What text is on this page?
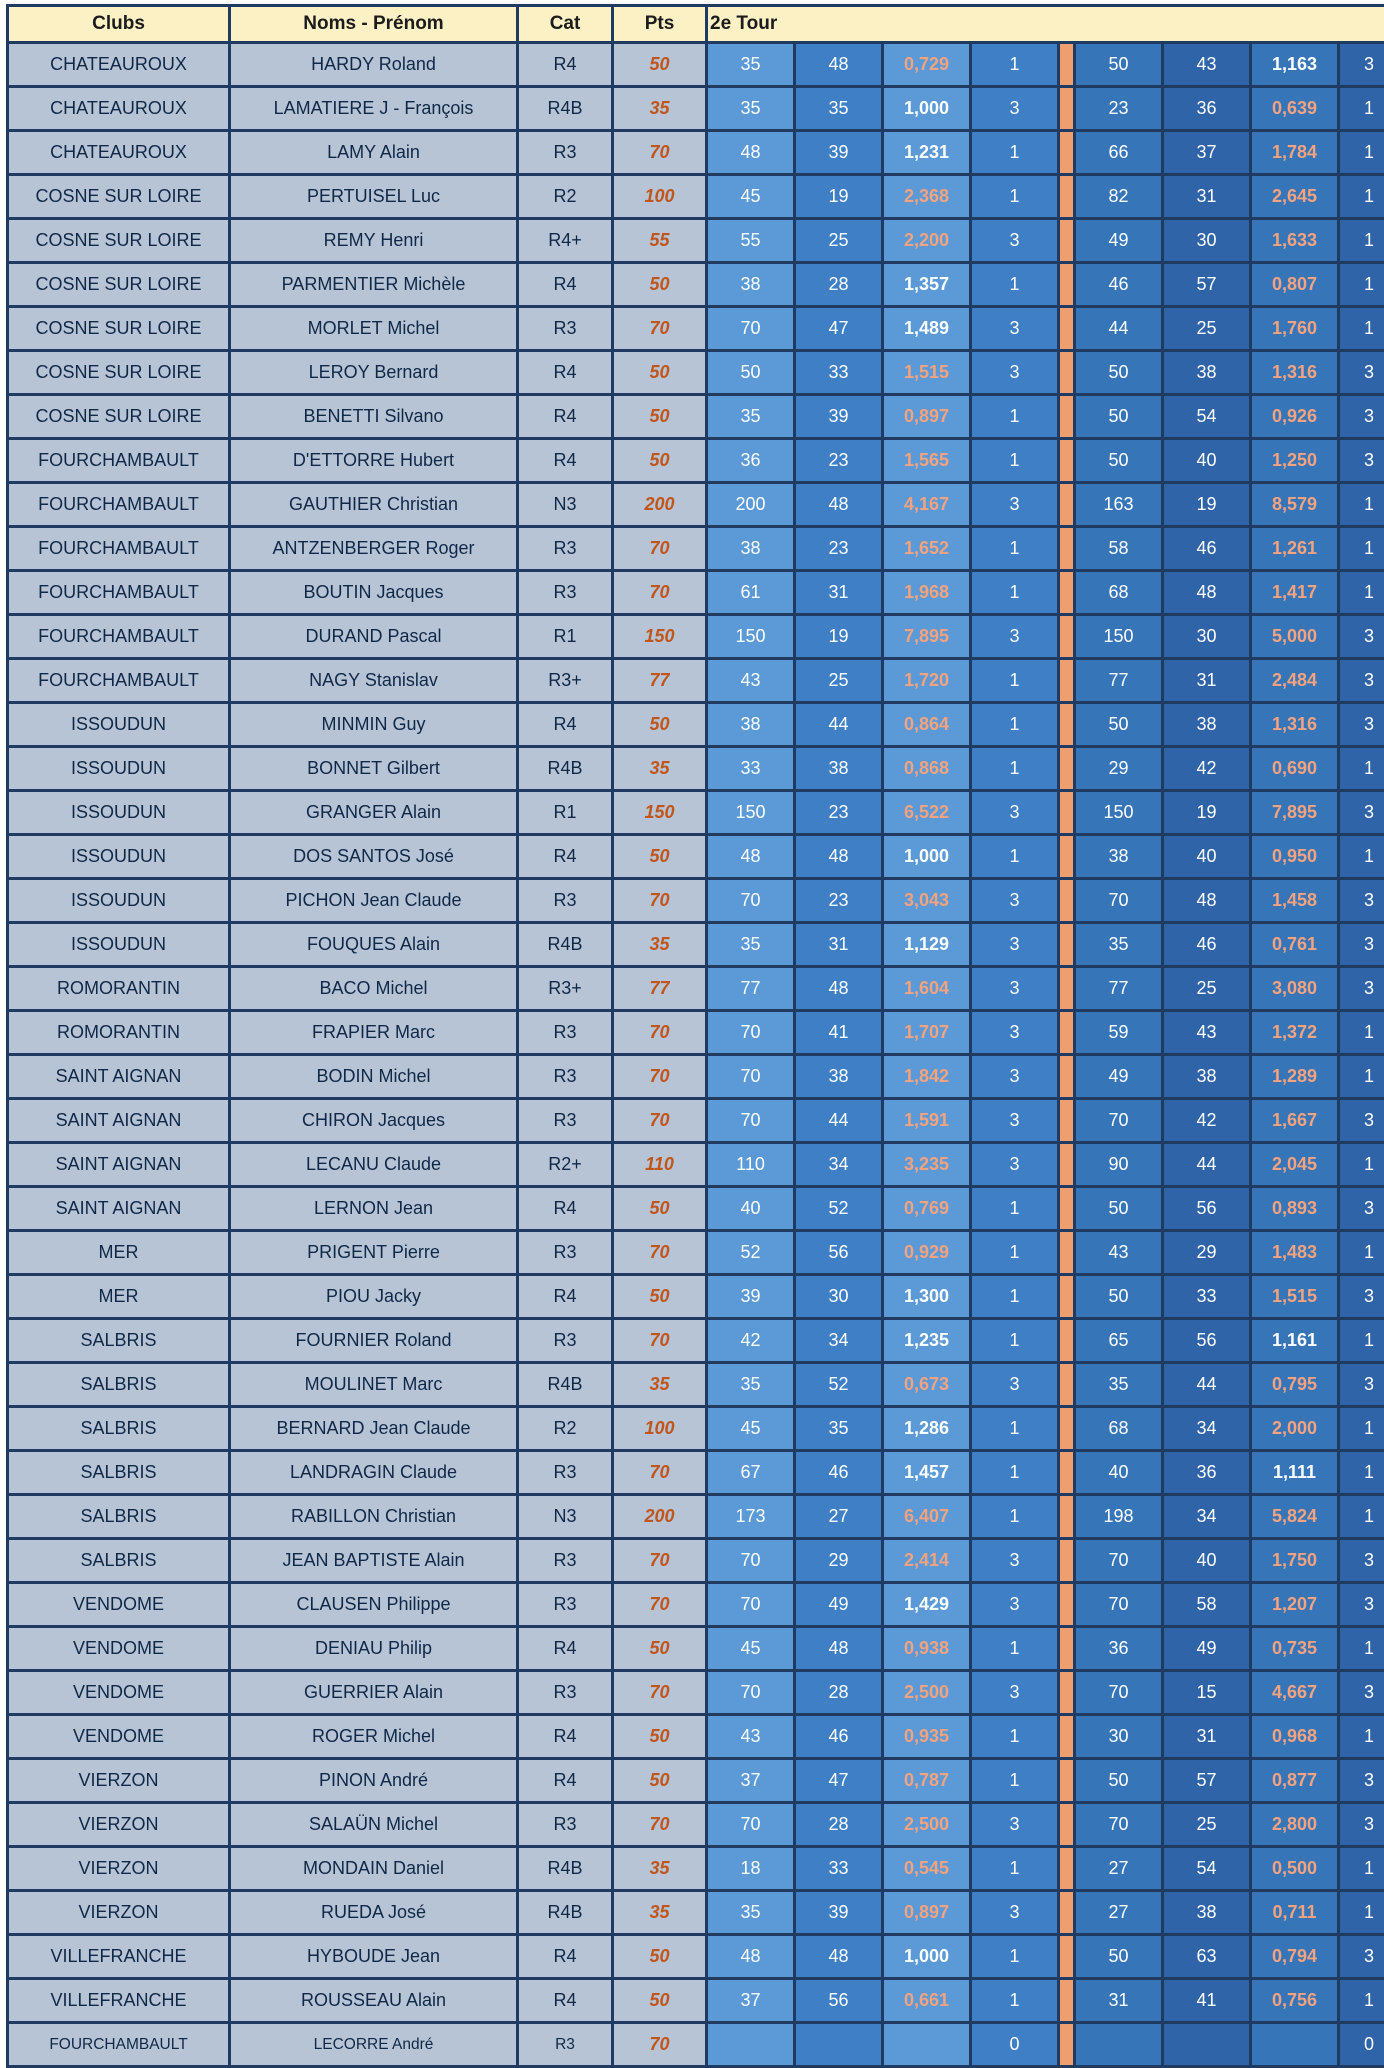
Clubs	Noms - Prénom	Cat	Pts	2e Tour								
CHATEAUROUX	HARDY Roland	R4	50	35	48	0,729	1		50	43	1,163	3
CHATEAUROUX	LAMATIERE J - François	R4B	35	35	35	1,000	3		23	36	0,639	1
CHATEAUROUX	LAMY Alain	R3	70	48	39	1,231	1		66	37	1,784	1
COSNE SUR LOIRE	PERTUISEL Luc	R2	100	45	19	2,368	1		82	31	2,645	1
COSNE SUR LOIRE	REMY Henri	R4+	55	55	25	2,200	3		49	30	1,633	1
COSNE SUR LOIRE	PARMENTIER Michèle	R4	50	38	28	1,357	1		46	57	0,807	1
COSNE SUR LOIRE	MORLET Michel	R3	70	70	47	1,489	3		44	25	1,760	1
COSNE SUR LOIRE	LEROY Bernard	R4	50	50	33	1,515	3		50	38	1,316	3
COSNE SUR LOIRE	BENETTI Silvano	R4	50	35	39	0,897	1		50	54	0,926	3
FOURCHAMBAULT	D'ETTORRE Hubert	R4	50	36	23	1,565	1		50	40	1,250	3
FOURCHAMBAULT	GAUTHIER Christian	N3	200	200	48	4,167	3		163	19	8,579	1
FOURCHAMBAULT	ANTZENBERGER Roger	R3	70	38	23	1,652	1		58	46	1,261	1
FOURCHAMBAULT	BOUTIN Jacques	R3	70	61	31	1,968	1		68	48	1,417	1
FOURCHAMBAULT	DURAND Pascal	R1	150	150	19	7,895	3		150	30	5,000	3
FOURCHAMBAULT	NAGY Stanislav	R3+	77	43	25	1,720	1		77	31	2,484	3
ISSOUDUN	MINMIN Guy	R4	50	38	44	0,864	1		50	38	1,316	3
ISSOUDUN	BONNET Gilbert	R4B	35	33	38	0,868	1		29	42	0,690	1
ISSOUDUN	GRANGER Alain	R1	150	150	23	6,522	3		150	19	7,895	3
ISSOUDUN	DOS SANTOS José	R4	50	48	48	1,000	1		38	40	0,950	1
ISSOUDUN	PICHON Jean Claude	R3	70	70	23	3,043	3		70	48	1,458	3
ISSOUDUN	FOUQUES Alain	R4B	35	35	31	1,129	3		35	46	0,761	3
ROMORANTIN	BACO Michel	R3+	77	77	48	1,604	3		77	25	3,080	3
ROMORANTIN	FRAPIER Marc	R3	70	70	41	1,707	3		59	43	1,372	1
SAINT AIGNAN	BODIN Michel	R3	70	70	38	1,842	3		49	38	1,289	1
SAINT AIGNAN	CHIRON Jacques	R3	70	70	44	1,591	3		70	42	1,667	3
SAINT AIGNAN	LECANU Claude	R2+	110	110	34	3,235	3		90	44	2,045	1
SAINT AIGNAN	LERNON Jean	R4	50	40	52	0,769	1		50	56	0,893	3
MER	PRIGENT Pierre	R3	70	52	56	0,929	1		43	29	1,483	1
MER	PIOU Jacky	R4	50	39	30	1,300	1		50	33	1,515	3
SALBRIS	FOURNIER Roland	R3	70	42	34	1,235	1		65	56	1,161	1
SALBRIS	MOULINET Marc	R4B	35	35	52	0,673	3		35	44	0,795	3
SALBRIS	BERNARD Jean Claude	R2	100	45	35	1,286	1		68	34	2,000	1
SALBRIS	LANDRAGIN Claude	R3	70	67	46	1,457	1		40	36	1,111	1
SALBRIS	RABILLON Christian	N3	200	173	27	6,407	1		198	34	5,824	1
SALBRIS	JEAN BAPTISTE Alain	R3	70	70	29	2,414	3		70	40	1,750	3
VENDOME	CLAUSEN Philippe	R3	70	70	49	1,429	3		70	58	1,207	3
VENDOME	DENIAU Philip	R4	50	45	48	0,938	1		36	49	0,735	1
VENDOME	GUERRIER Alain	R3	70	70	28	2,500	3		70	15	4,667	3
VENDOME	ROGER Michel	R4	50	43	46	0,935	1		30	31	0,968	1
VIERZON	PINON André	R4	50	37	47	0,787	1		50	57	0,877	3
VIERZON	SALAÜN Michel	R3	70	70	28	2,500	3		70	25	2,800	3
VIERZON	MONDAIN Daniel	R4B	35	18	33	0,545	1		27	54	0,500	1
VIERZON	RUEDA José	R4B	35	35	39	0,897	3		27	38	0,711	1
VILLEFRANCHE	HYBOUDE Jean	R4	50	48	48	1,000	1		50	63	0,794	3
VILLEFRANCHE	ROUSSEAU Alain	R4	50	37	56	0,661	1		31	41	0,756	1
FOURCHAMBAULT	LECORRE André	R3	70				0					0
